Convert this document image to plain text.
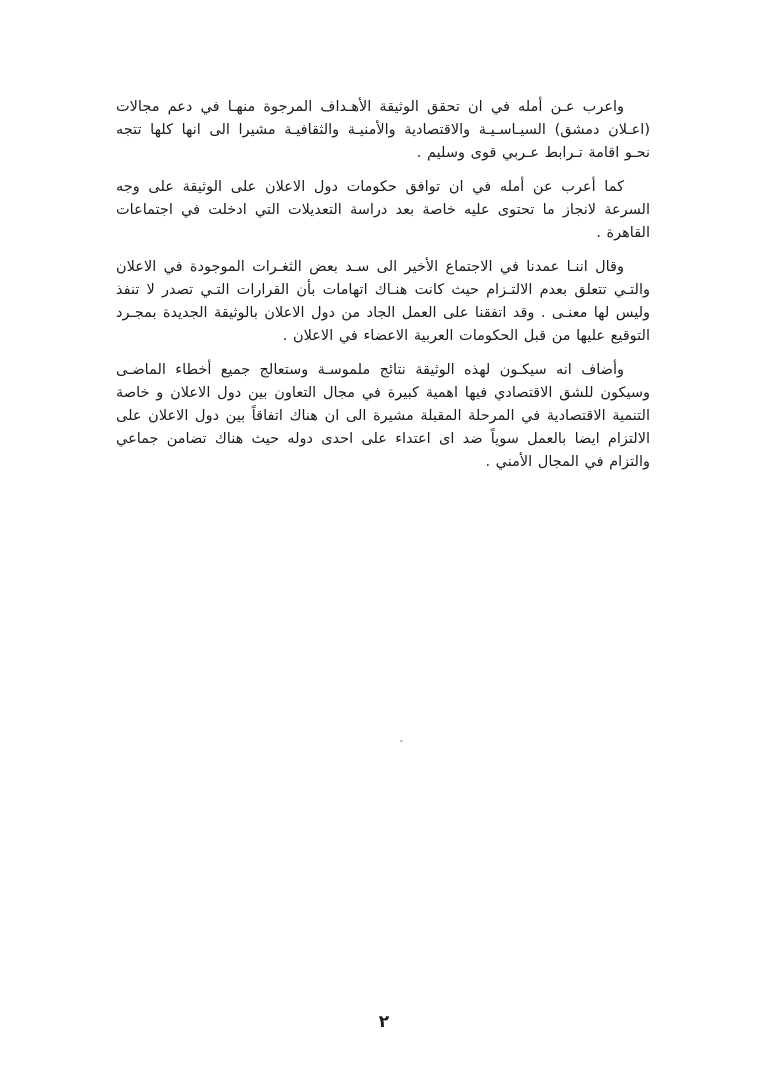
واعرب عـن أمله في ان تحقق الوثيقة الأهـداف المرجوة منهـا في دعم مجالات (اعـلان دمشق) السيـاسـيـة والاقتصادية والأمنيـة والثقافيـة مشيرا الى انها كلها تتجه نحـو اقامة تـرابط عـربي قوى وسليم .

كما أعرب عن أمله في ان توافق حكومات دول الاعلان على الوثيقة على وجه السرعة لانجاز ما تحتوى عليه خاصة بعد دراسة التعديلات التي ادخلت في اجتماعات القاهرة .

وقال اننـا عمدنا في الاجتماع الأخير الى سـد بعض الثغـرات الموجودة في الاعلان والتـي تتعلق بعدم الالتـزام حيث كانت هنـاك اتهامات بأن القرارات التـي تصدر لا تنفذ وليس لها معنـى . وقد اتفقنا على العمل الجاد من دول الاعلان بالوثيقة الجديدة بمجـرد التوقيع عليها من قبل الحكومات العربية الاعضاء في الاعلان .

وأضاف انه سيكـون لهذه الوثيقة نتائج ملموسـة وستعالج جميع أخطاء الماضـى وسيكون للشق الاقتصادي فيها اهمية كبيرة في مجال التعاون بين دول الاعلان و خاصة التنمية الاقتصادية في المرحلة المقبلة مشيرة الى ان هناك اتفاقاً بين دول الاعلان على الالتزام ايضا بالعمل سوياً ضد اى اعتداء على احدى دوله حيث هناك تضامن جماعي والتزام في المجال الأمني .

٢
